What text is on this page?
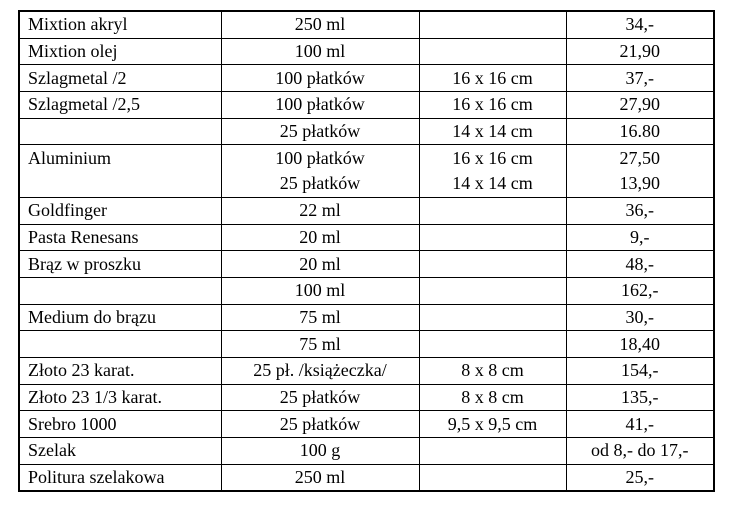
Mixtion akryl	250 ml		34,-
Mixtion olej	100 ml		21,90
Szlagmetal /2	100 płatków	16 x 16 cm	37,-
Szlagmetal /2,5	100 płatków	16 x 16 cm	27,90
	25 płatków	14 x 14 cm	16.80
Aluminium	100 płatków	16 x 16 cm	27,50
	25 płatków	14 x 14 cm	13,90
Goldfinger	22 ml		36,-
Pasta Renesans	20 ml		9,-
Brąz w proszku	20 ml		48,-
	100 ml		162,-
Medium do brązu	75 ml		30,-
	75 ml		18,40
Złoto 23 karat.	25 pł. /książeczka/	8 x 8 cm	154,-
Złoto 23 1/3 karat.	25 płatków	8 x 8 cm	135,-
Srebro 1000	25 płatków	9,5 x 9,5 cm	41,-
Szelak	100 g		od 8,- do 17,-
Politura szelakowa	250 ml		25,-
